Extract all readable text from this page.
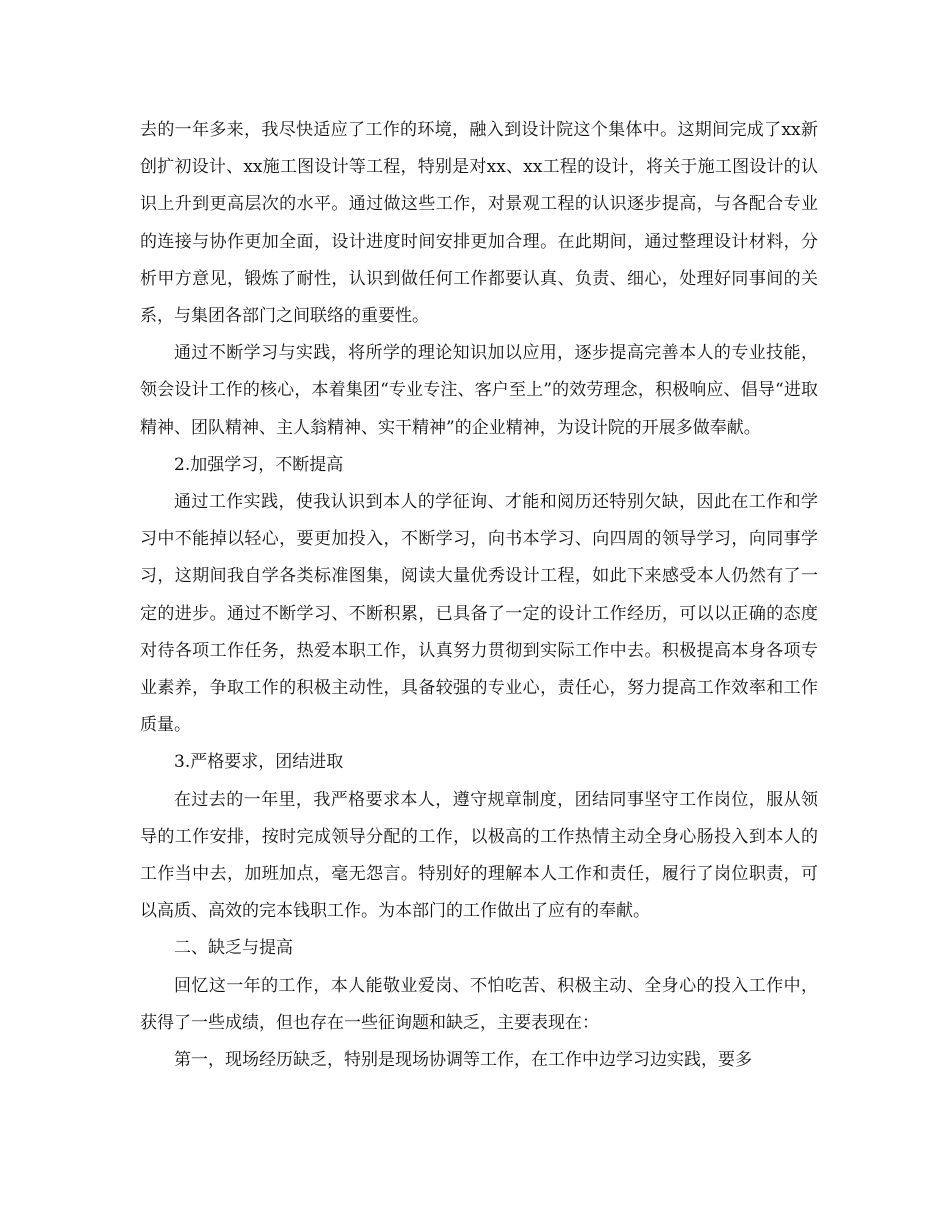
去的一年多来，我尽快适应了工作的环境，融入到设计院这个集体中。这期间完成了xx新创扩初设计、xx施工图设计等工程，特别是对xx、xx工程的设计，将关于施工图设计的认识上升到更高层次的水平。通过做这些工作，对景观工程的认识逐步提高，与各配合专业的连接与协作更加全面，设计进度时间安排更加合理。在此期间，通过整理设计材料，分析甲方意见，锻炼了耐性，认识到做任何工作都要认真、负责、细心，处理好同事间的关系，与集团各部门之间联络的重要性。

通过不断学习与实践，将所学的理论知识加以应用，逐步提高完善本人的专业技能，领会设计工作的核心，本着集团“专业专注、客户至上”的效劳理念，积极响应、倡导“进取精神、团队精神、主人翁精神、实干精神”的企业精神，为设计院的开展多做奉献。

2.加强学习，不断提高

通过工作实践，使我认识到本人的学征询、才能和阅历还特别欠缺，因此在工作和学习中不能掉以轻心，要更加投入，不断学习，向书本学习、向四周的领导学习，向同事学习，这期间我自学各类标准图集，阅读大量优秀设计工程，如此下来感受本人仍然有了一定的进步。通过不断学习、不断积累，已具备了一定的设计工作经历，可以以正确的态度对待各项工作任务，热爱本职工作，认真努力贯彻到实际工作中去。积极提高本身各项专业素养，争取工作的积极主动性，具备较强的专业心，责任心，努力提高工作效率和工作质量。

3.严格要求，团结进取

在过去的一年里，我严格要求本人，遵守规章制度，团结同事坚守工作岗位，服从领导的工作安排，按时完成领导分配的工作，以极高的工作热情主动全身心肠投入到本人的工作当中去，加班加点，毫无怨言。特别好的理解本人工作和责任，履行了岗位职责，可以高质、高效的完本钱职工作。为本部门的工作做出了应有的奉献。

二、缺乏与提高

回忆这一年的工作，本人能敬业爱岗、不怕吃苦、积极主动、全身心的投入工作中，获得了一些成绩，但也存在一些征询题和缺乏，主要表现在：

第一，现场经历缺乏，特别是现场协调等工作，在工作中边学习边实践，要多
